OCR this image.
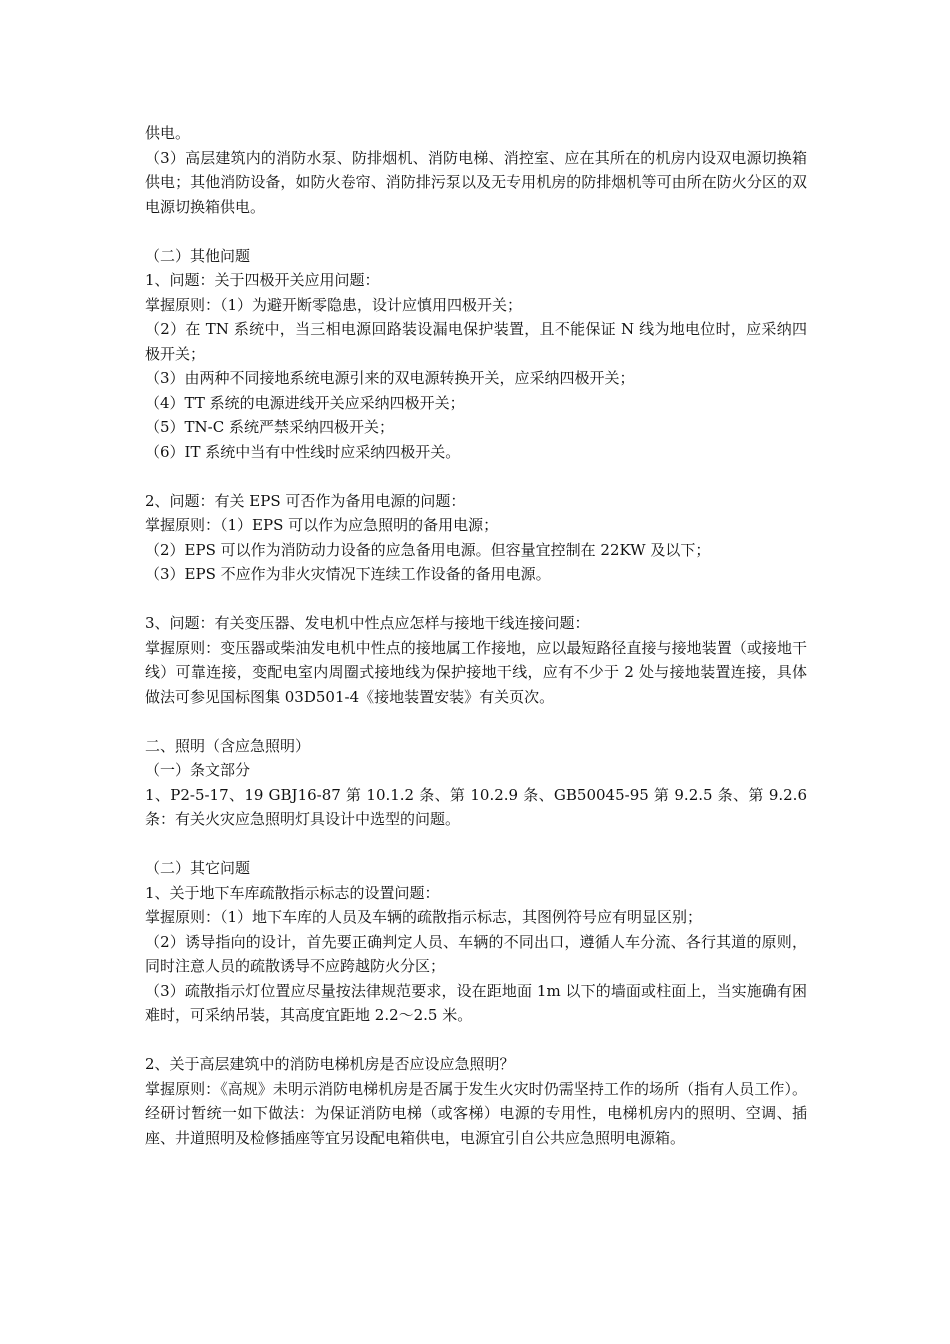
供电。

（3）高层建筑内的消防水泵、防排烟机、消防电梯、消控室、应在其所在的机房内设双电源切换箱供电；其他消防设备，如防火卷帘、消防排污泵以及无专用机房的防排烟机等可由所在防火分区的双电源切换箱供电。

（二）其他问题

1、问题：关于四极开关应用问题：

掌握原则：（1）为避开断零隐患，设计应慎用四极开关；

（2）在 TN 系统中，当三相电源回路装设漏电保护装置，且不能保证 N 线为地电位时，应采纳四极开关；

（3）由两种不同接地系统电源引来的双电源转换开关，应采纳四极开关；

（4）TT 系统的电源进线开关应采纳四极开关；

（5）TN-C 系统严禁采纳四极开关；

（6）IT 系统中当有中性线时应采纳四极开关。

2、问题：有关 EPS 可否作为备用电源的问题：

掌握原则：（1）EPS 可以作为应急照明的备用电源；

（2）EPS 可以作为消防动力设备的应急备用电源。但容量宜控制在 22KW 及以下；

（3）EPS 不应作为非火灾情况下连续工作设备的备用电源。

3、问题：有关变压器、发电机中性点应怎样与接地干线连接问题：

掌握原则：变压器或柴油发电机中性点的接地属工作接地，应以最短路径直接与接地装置（或接地干线）可靠连接，变配电室内周圈式接地线为保护接地干线，应有不少于 2 处与接地装置连接，具体做法可参见国标图集 03D501-4《接地装置安装》有关页次。

二、照明（含应急照明）

（一）条文部分

1、P2-5-17、19 GBJ16-87 第 10.1.2 条、第 10.2.9 条、GB50045-95 第 9.2.5 条、第 9.2.6 条：有关火灾应急照明灯具设计中选型的问题。

（二）其它问题

1、关于地下车库疏散指示标志的设置问题：

掌握原则：（1）地下车库的人员及车辆的疏散指示标志，其图例符号应有明显区别；

（2）诱导指向的设计，首先要正确判定人员、车辆的不同出口，遵循人车分流、各行其道的原则，同时注意人员的疏散诱导不应跨越防火分区；

（3）疏散指示灯位置应尽量按法律规范要求，设在距地面 1m 以下的墙面或柱面上，当实施确有困难时，可采纳吊装，其高度宜距地 2.2～2.5 米。

2、关于高层建筑中的消防电梯机房是否应设应急照明？

掌握原则：《高规》未明示消防电梯机房是否属于发生火灾时仍需坚持工作的场所（指有人员工作）。经研讨暂统一如下做法：为保证消防电梯（或客梯）电源的专用性，电梯机房内的照明、空调、插座、井道照明及检修插座等宜另设配电箱供电，电源宜引自公共应急照明电源箱。
